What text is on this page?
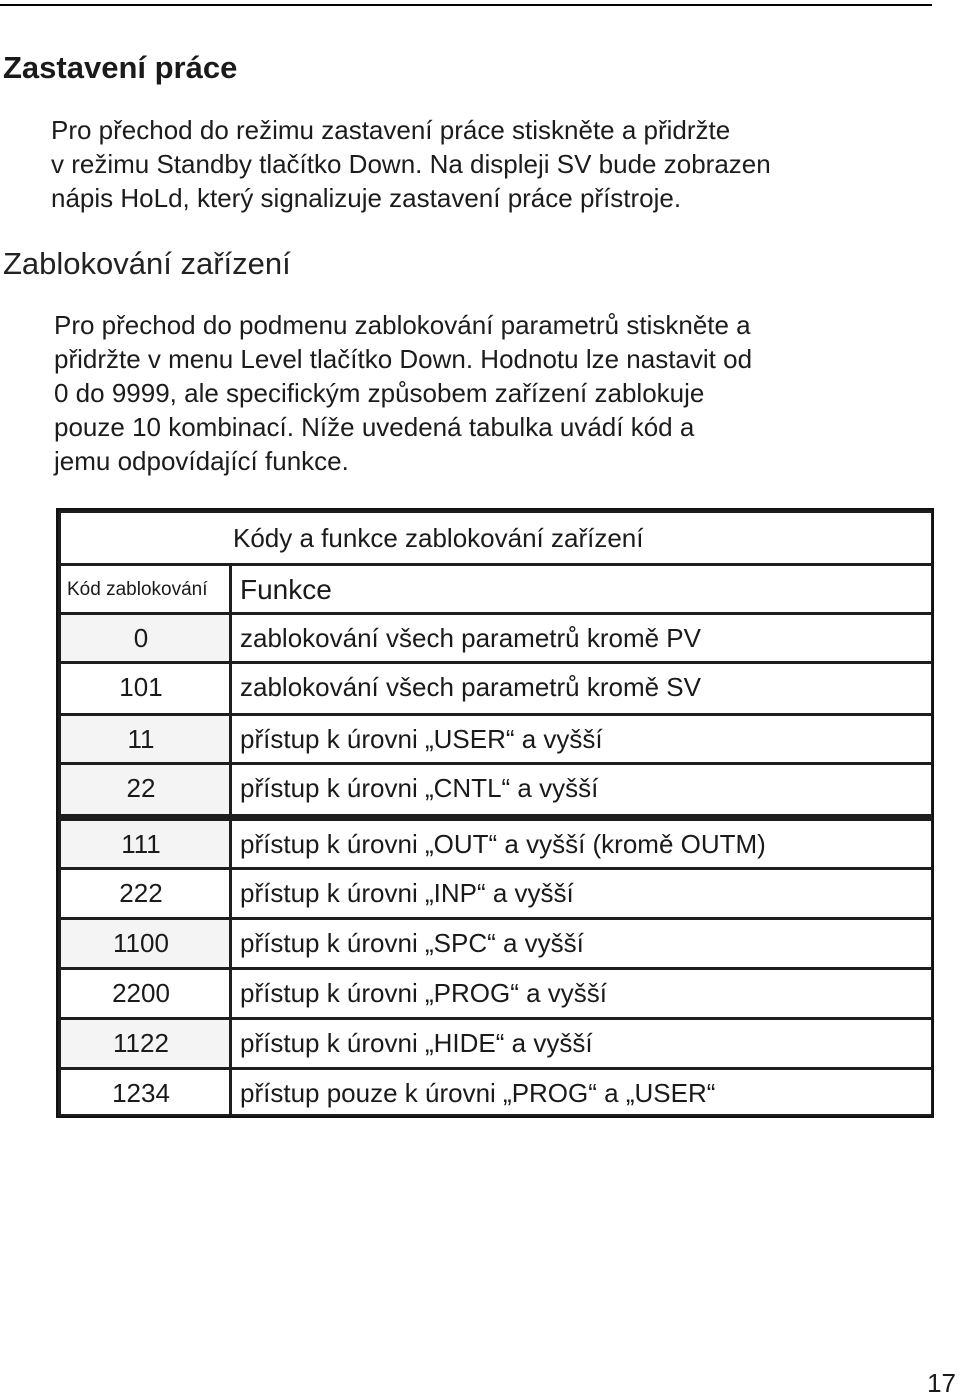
Zastavení práce

Pro přechod do režimu zastavení práce stiskněte a přidržte
v režimu Standby tlačítko Down. Na displeji SV bude zobrazen
nápis HoLd, který signalizuje zastavení práce přístroje.

Zablokování zařízení

Pro přechod do podmenu zablokování parametrů stiskněte a
přidržte v menu Level tlačítko Down. Hodnotu lze nastavit od
0 do 9999, ale specifickým způsobem zařízení zablokuje
pouze 10 kombinací. Níže uvedená tabulka uvádí kód a
jemu odpovídající funkce.

Kódy a funkce zablokování zařízení
Kód zablokování	Funkce
0	zablokování všech parametrů kromě PV
101	zablokování všech parametrů kromě SV
11	přístup k úrovni „USER“ a vyšší
22	přístup k úrovni „CNTL“ a vyšší
111	přístup k úrovni „OUT“ a vyšší (kromě OUTM)
222	přístup k úrovni „INP“ a vyšší
1100	přístup k úrovni „SPC“ a vyšší
2200	přístup k úrovni „PROG“ a vyšší
1122	přístup k úrovni „HIDE“ a vyšší
1234	přístup pouze k úrovni „PROG“ a „USER“
17
